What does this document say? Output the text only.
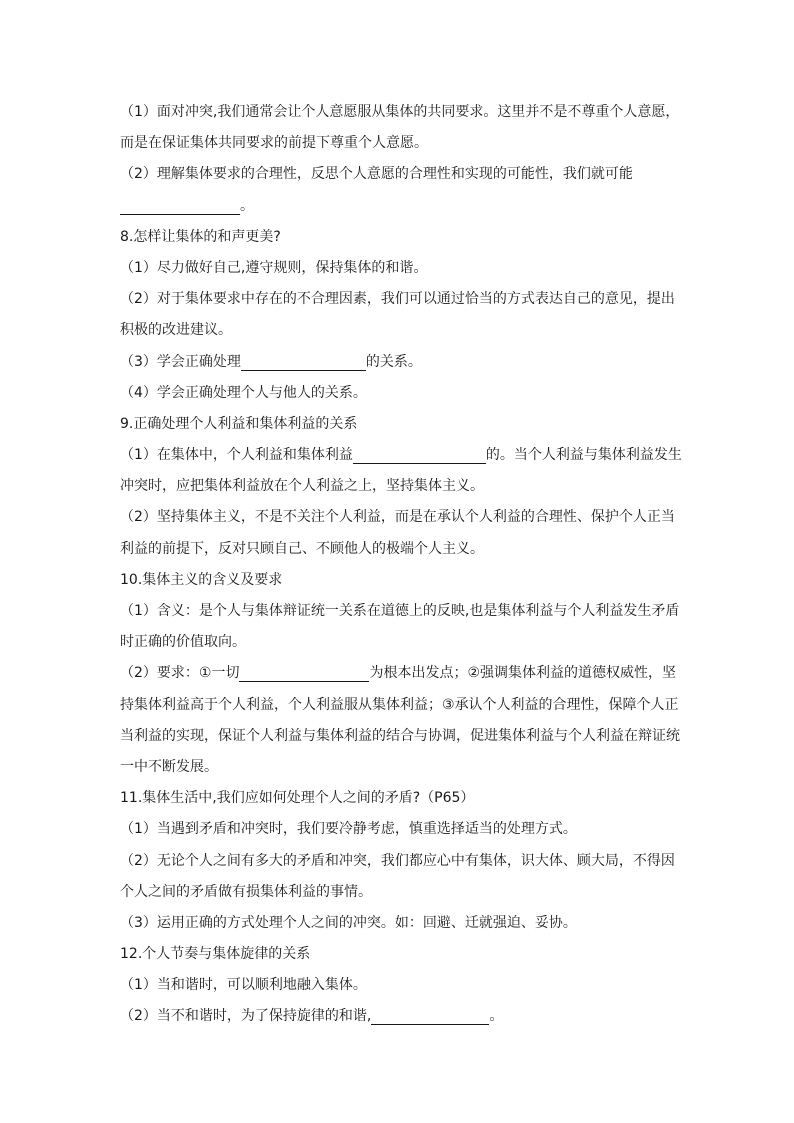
（1）面对冲突,我们通常会让个人意愿服从集体的共同要求。这里并不是不尊重个人意愿，
而是在保证集体共同要求的前提下尊重个人意愿。
（2）理解集体要求的合理性，反思个人意愿的合理性和实现的可能性，我们就可能
。
8.怎样让集体的和声更美?
（1）尽力做好自己,遵守规则，保持集体的和谐。
（2）对于集体要求中存在的不合理因素，我们可以通过恰当的方式表达自己的意见，提出
积极的改进建议。
（3）学会正确处理	的关系。
（4）学会正确处理个人与他人的关系。
9.正确处理个人利益和集体利益的关系
（1）在集体中，个人利益和集体利益	的。当个人利益与集体利益发生
冲突时，应把集体利益放在个人利益之上，坚持集体主义。
（2）坚持集体主义，不是不关注个人利益，而是在承认个人利益的合理性、保护个人正当
利益的前提下，反对只顾自己、不顾他人的极端个人主义。
10.集体主义的含义及要求
（1）含义：是个人与集体辩证统一关系在道德上的反映,也是集体利益与个人利益发生矛盾
时正确的价值取向。
（2）要求：①一切	为根本出发点；②强调集体利益的道德权威性，坚
持集体利益高于个人利益，个人利益服从集体利益；③承认个人利益的合理性，保障个人正
当利益的实现，保证个人利益与集体利益的结合与协调，促进集体利益与个人利益在辩证统
一中不断发展。
11.集体生活中,我们应如何处理个人之间的矛盾?（P65）
（1）当遇到矛盾和冲突时，我们要冷静考虑，慎重选择适当的处理方式。
（2）无论个人之间有多大的矛盾和冲突，我们都应心中有集体，识大体、顾大局，不得因
个人之间的矛盾做有损集体利益的事情。
（3）运用正确的方式处理个人之间的冲突。如：回避、迁就强迫、妥协。
12.个人节奏与集体旋律的关系
（1）当和谐时，可以顺利地融入集体。
（2）当不和谐时，为了保持旋律的和谐,	。
